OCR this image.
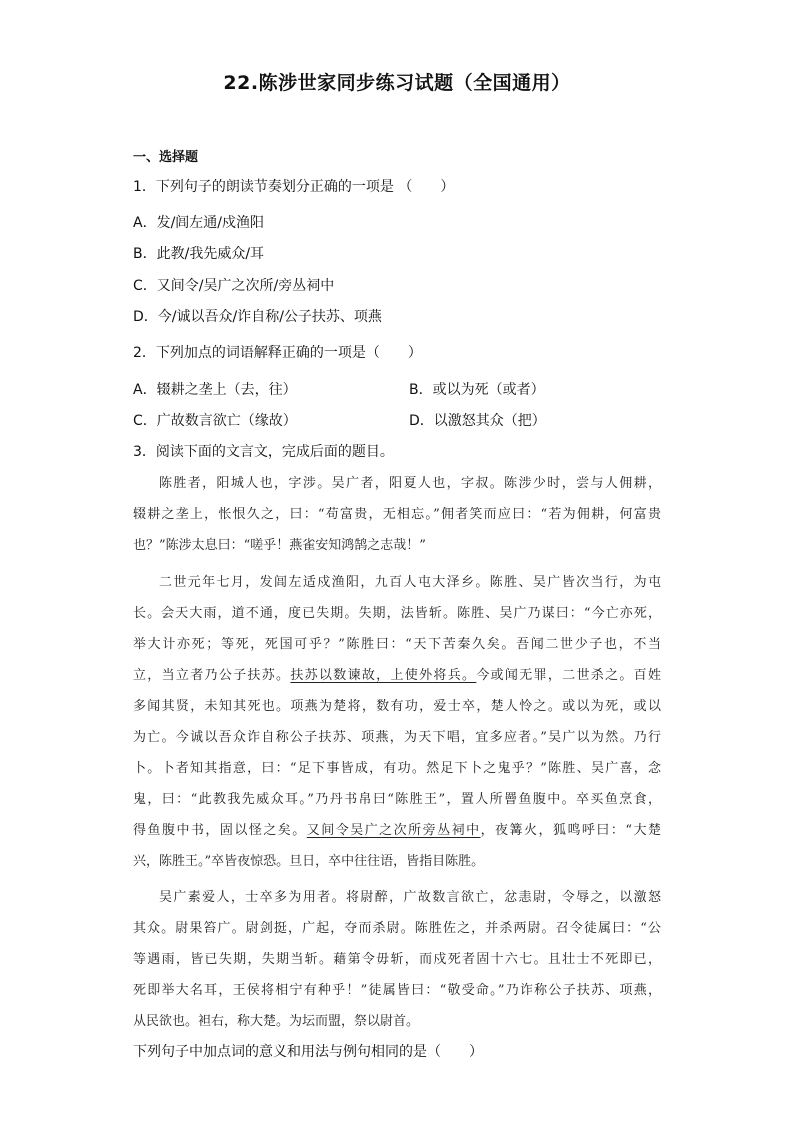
22.陈涉世家同步练习试题（全国通用）
一、选择题
1．下列句子的朗读节奏划分正确的一项是 （　　）
A．发/闾左通/戍渔阳
B．此教/我先威众/耳
C．又间令/吴广之次所/旁丛祠中
D．今/诚以吾众/诈自称/公子扶苏、项燕
2．下列加点的词语解释正确的一项是（　　）
A．辍耕之垄上（去，往）	B．或以为死（或者）
C．广故数言欲亡（缘故）	D．以激怒其众（把）
3．阅读下面的文言文，完成后面的题目。
陈胜者，阳城人也，字涉。吴广者，阳夏人也，字叔。陈涉少时，尝与人佣耕，
辍耕之垄上，怅恨久之，曰：“苟富贵，无相忘。”佣者笑而应曰：“若为佣耕，何富贵
也？”陈涉太息曰：“嗟乎！燕雀安知鸿鹄之志哉！”
二世元年七月，发闾左适戍渔阳，九百人屯大泽乡。陈胜、吴广皆次当行，为屯
长。会天大雨，道不通，度已失期。失期，法皆斩。陈胜、吴广乃谋曰：“今亡亦死，
举大计亦死；等死，死国可乎？”陈胜曰：“天下苦秦久矣。吾闻二世少子也，不当
立，当立者乃公子扶苏。扶苏以数谏故，上使外将兵。今或闻无罪，二世杀之。百姓
多闻其贤，未知其死也。项燕为楚将，数有功，爱士卒，楚人怜之。或以为死，或以
为亡。今诚以吾众诈自称公子扶苏、项燕，为天下唱，宜多应者。”吴广以为然。乃行
卜。卜者知其指意，曰：“足下事皆成，有功。然足下卜之鬼乎？”陈胜、吴广喜，念
鬼，曰：“此教我先威众耳。”乃丹书帛曰“陈胜王”，置人所罾鱼腹中。卒买鱼烹食，
得鱼腹中书，固以怪之矣。又间令吴广之次所旁丛祠中，夜篝火，狐鸣呼曰：“大楚
兴，陈胜王。”卒皆夜惊恐。旦日，卒中往往语，皆指目陈胜。
吴广素爱人，士卒多为用者。将尉醉，广故数言欲亡，忿恚尉，令辱之，以激怒
其众。尉果笞广。尉剑挺，广起，夺而杀尉。陈胜佐之，并杀两尉。召令徒属曰：“公
等遇雨，皆已失期，失期当斩。藉第令毋斩，而戍死者固十六七。且壮士不死即已，
死即举大名耳，王侯将相宁有种乎！”徒属皆曰：“敬受命。”乃诈称公子扶苏、项燕，
从民欲也。袒右，称大楚。为坛而盟，祭以尉首。
下列句子中加点词的意义和用法与例句相同的是（　　）
